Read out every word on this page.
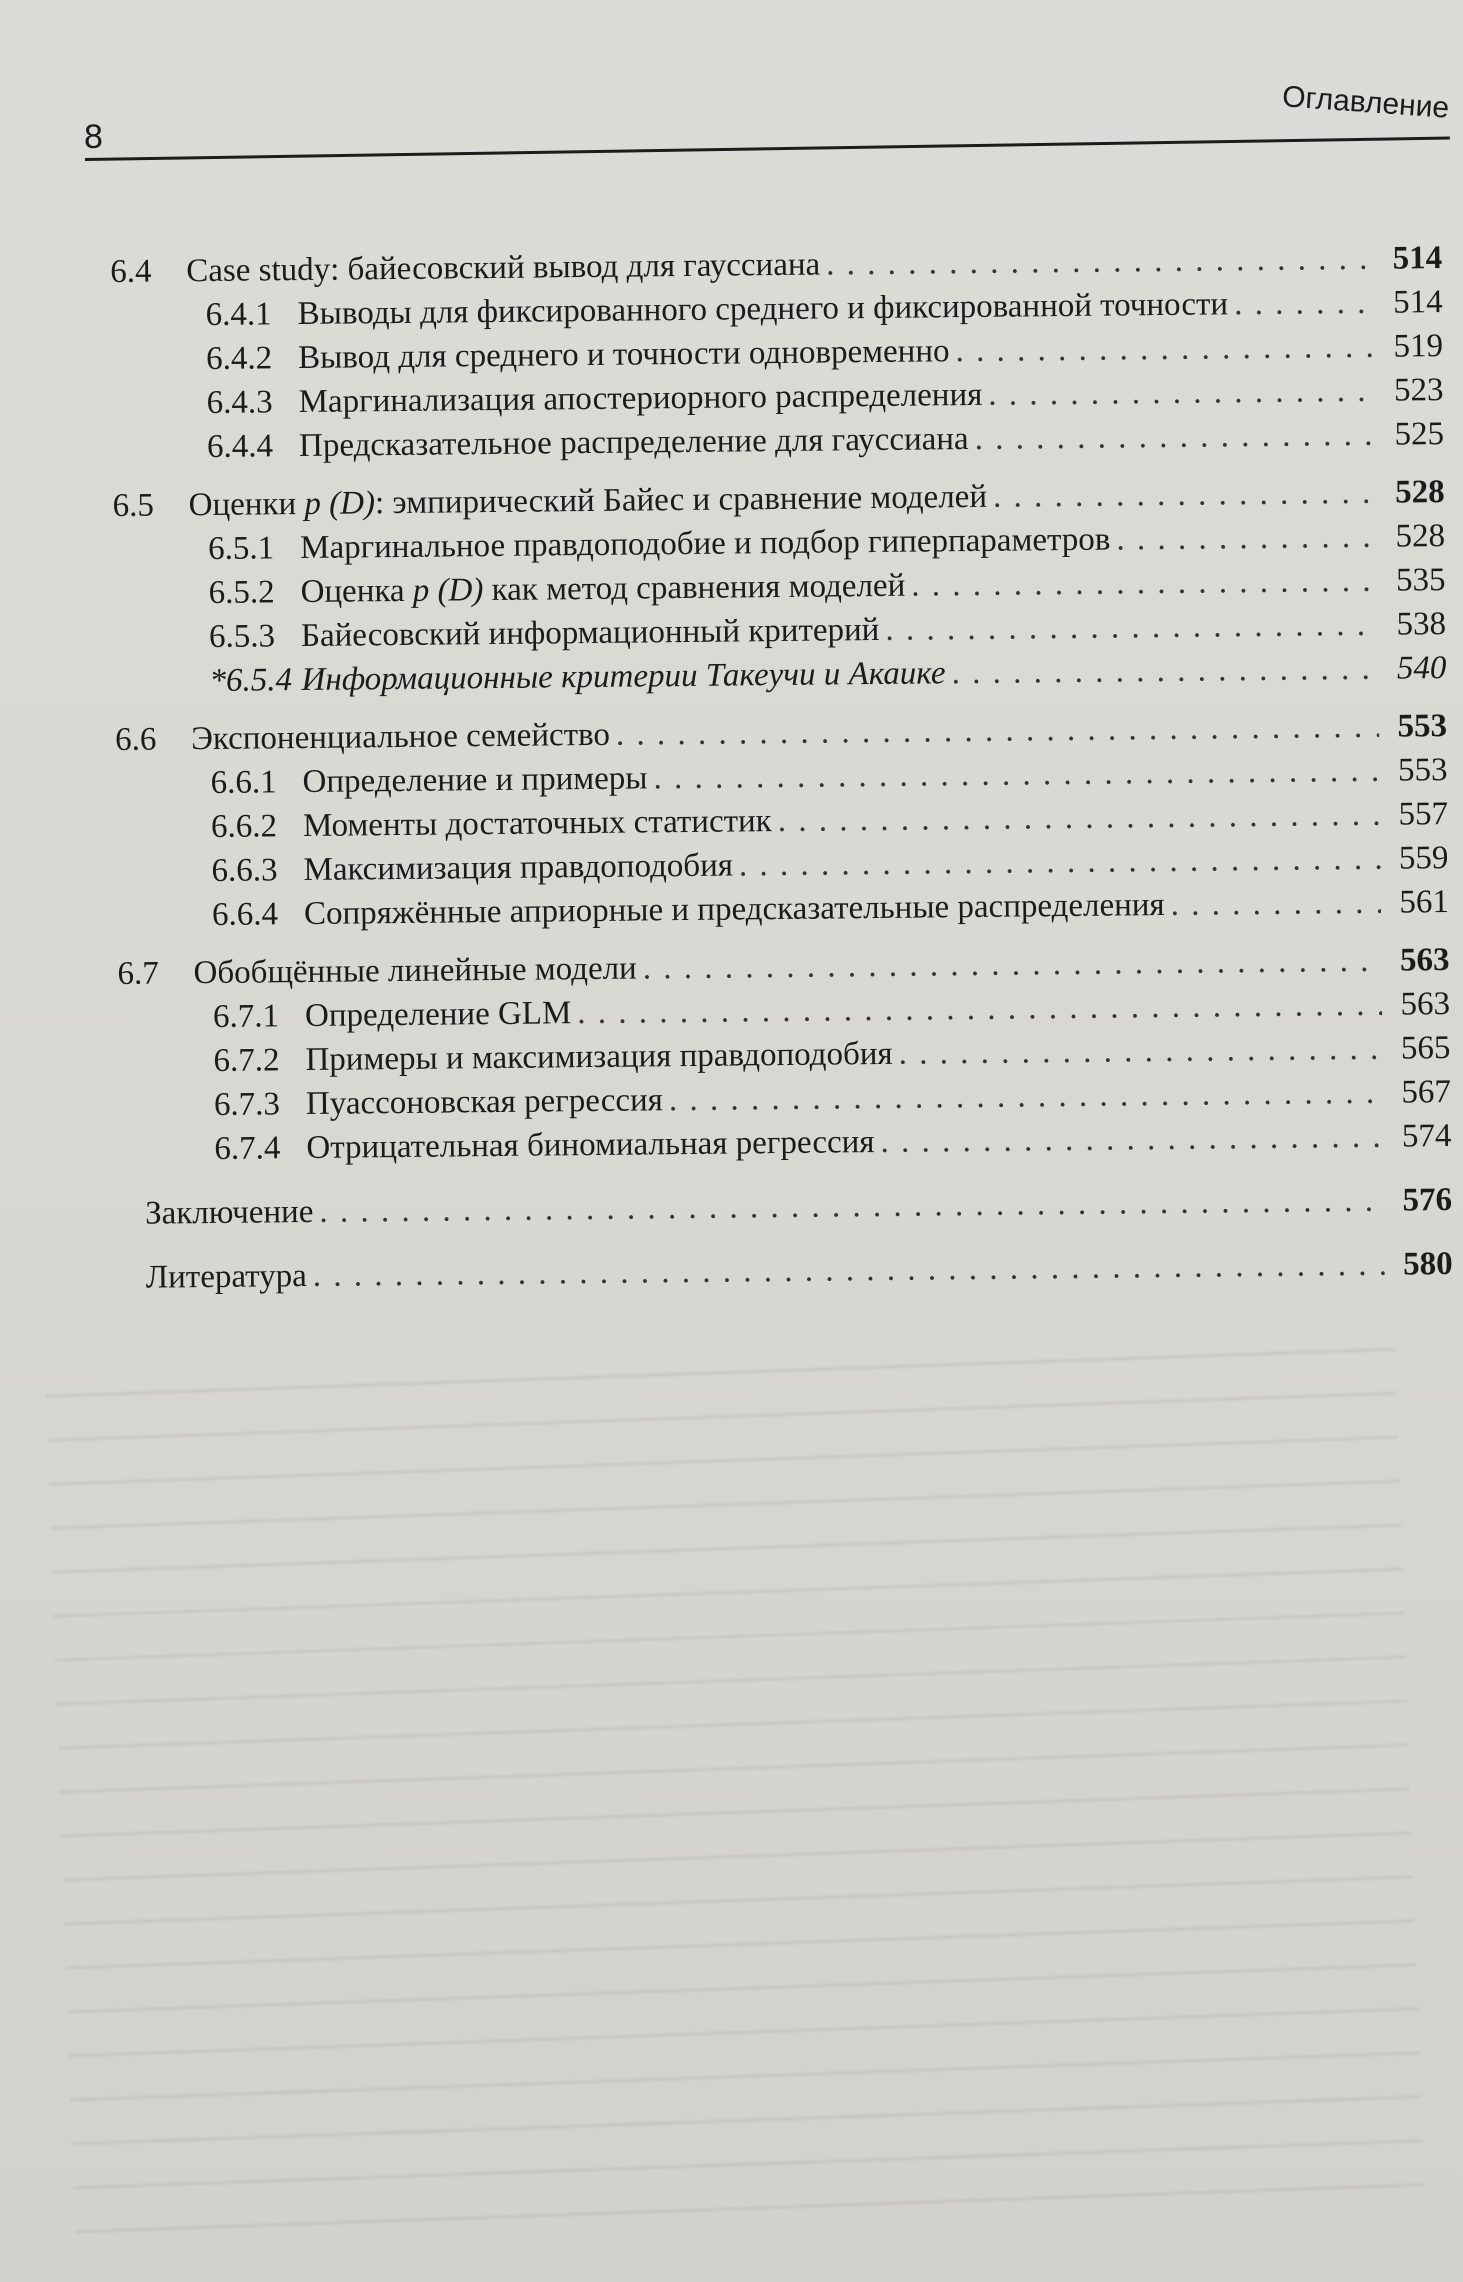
Оглавление
8
6.4	Case study: байесовский вывод для гауссиана . . .	514
6.4.1 Выводы для фиксированного среднего и фиксированной точности . . .	514
6.4.2 Вывод для среднего и точности одновременно . . .	519
6.4.3 Маргинализация апостериорного распределения . . .	523
6.4.4 Предсказательное распределение для гауссиана . . .	525
6.5	Оценки p (D): эмпирический Байес и сравнение моделей . . .	528
6.5.1 Маргинальное правдоподобие и подбор гиперпараметров . . .	528
6.5.2 Оценка p (D) как метод сравнения моделей . . .	535
6.5.3 Байесовский информационный критерий . . .	538
*6.5.4 Информационные критерии Такеучи и Акаике . . .	540
6.6	Экспоненциальное семейство . . .	553
6.6.1 Определение и примеры . . .	553
6.6.2 Моменты достаточных статистик . . .	557
6.6.3 Максимизация правдоподобия . . .	559
6.6.4 Сопряжённые априорные и предсказательные распределения . . .	561
6.7	Обобщённые линейные модели . . .	563
6.7.1 Определение GLM . . .	563
6.7.2 Примеры и максимизация правдоподобия . . .	565
6.7.3 Пуассоновская регрессия . . .	567
6.7.4 Отрицательная биномиальная регрессия . . .	574
Заключение . . .	576
Литература . . .	580
